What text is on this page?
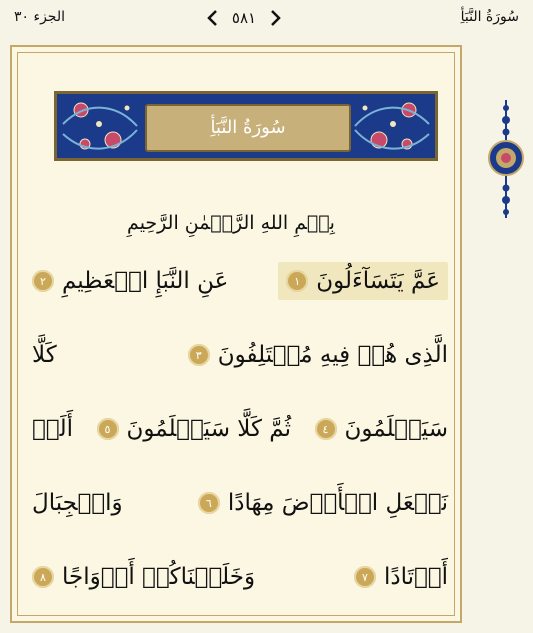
الجزء ٣٠	٥٨١	سُورَةُ النَّبَأِ
سُورَةُ النَّبَأِ
بِسۡمِ اللهِ الرَّحۡمٰنِ الرَّحِيمِ
عَمَّ يَتَسَآءَلُونَ
١
عَنِ النَّبَإِ الۡعَظِيمِ
٢
الَّذِى هُمۡ فِيهِ مُخۡتَلِفُونَ
٣
كَلَّا
سَيَعۡلَمُونَ
٤
ثُمَّ كَلَّا سَيَعۡلَمُونَ
٥
أَلَمۡ
نَجۡعَلِ الۡأَرۡضَ مِهَادًا
٦
وَالۡجِبَالَ
أَوۡتَادًا
٧
وَخَلَقۡنَاكُمۡ أَزۡوَاجًا
٨
